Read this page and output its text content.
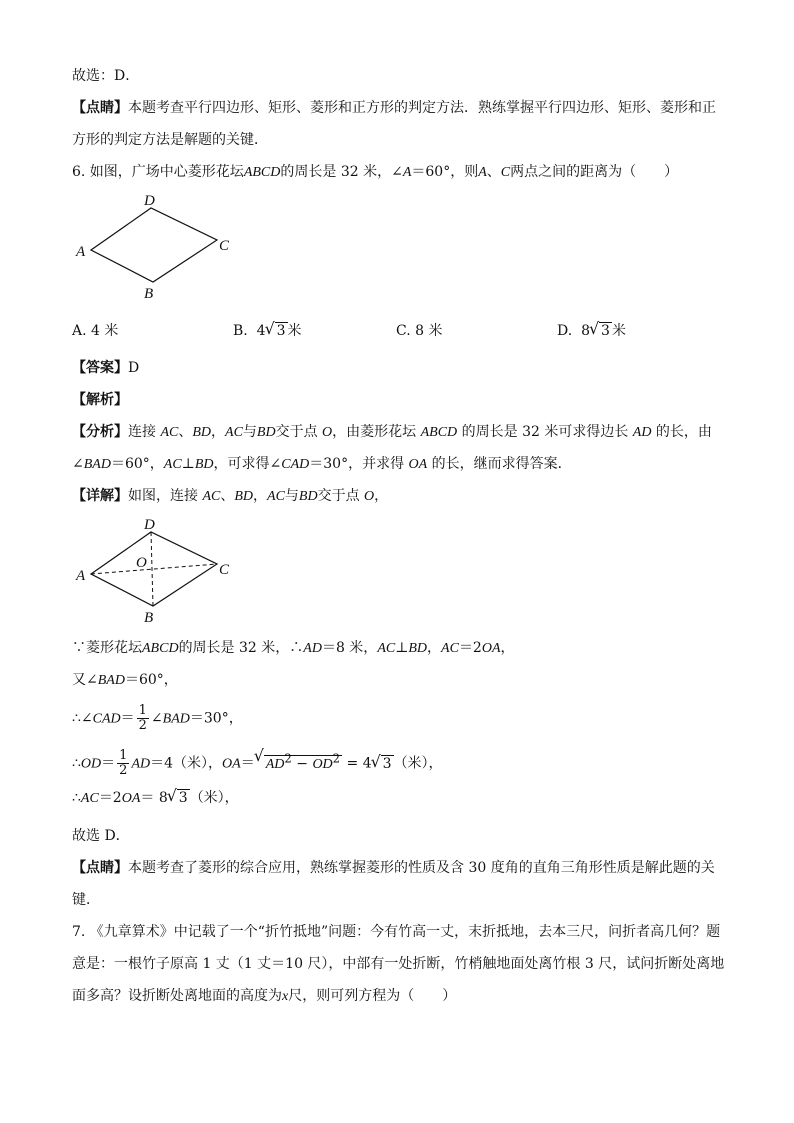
故选：D．
【点睛】本题考查平行四边形、矩形、菱形和正方形的判定方法．熟练掌握平行四边形、矩形、菱形和正
方形的判定方法是解题的关键．
6. 如图，广场中心菱形花坛ABCD的周长是 32 米，∠A＝60°，则A、C两点之间的距离为（　　）
A
D
C
B
A. 4 米	B. 4√ 3 米	C. 8 米	D. 8√ 3 米
【答案】D
【解析】
【分析】连接 AC、BD，AC与BD交于点 O，由菱形花坛 ABCD 的周长是 32 米可求得边长 AD 的长，由
∠BAD＝60°，AC⊥BD，可求得∠CAD＝30°，并求得 OA 的长，继而求得答案．
【详解】如图，连接 AC、BD，AC与BD交于点 O，
A
D
C
B
O
∵菱形花坛ABCD的周长是 32 米，∴AD＝8 米，AC⊥BD，AC＝2OA，
又∠BAD＝60°，
∴∠CAD＝ $\frac{1}{2}$ ∠BAD＝30°，
∴OD＝ $\frac{1}{2} AD=4$（米），OA＝√ $AD^2 - OD^2 = 4√$ 3 （米），
∴AC＝2OA＝ 8√ 3 （米），
故选 D．
【点睛】本题考查了菱形的综合应用，熟练掌握菱形的性质及含 30 度角的直角三角形性质是解此题的关
键．
7. 《九章算术》中记载了一个“折竹抵地”问题：今有竹高一丈，末折抵地，去本三尺，问折者高几何？题
意是：一根竹子原高 1 丈（1 丈＝10 尺），中部有一处折断，竹梢触地面处离竹根 3 尺，试问折断处离地
面多高？设折断处离地面的高度为x尺，则可列方程为（　　）
